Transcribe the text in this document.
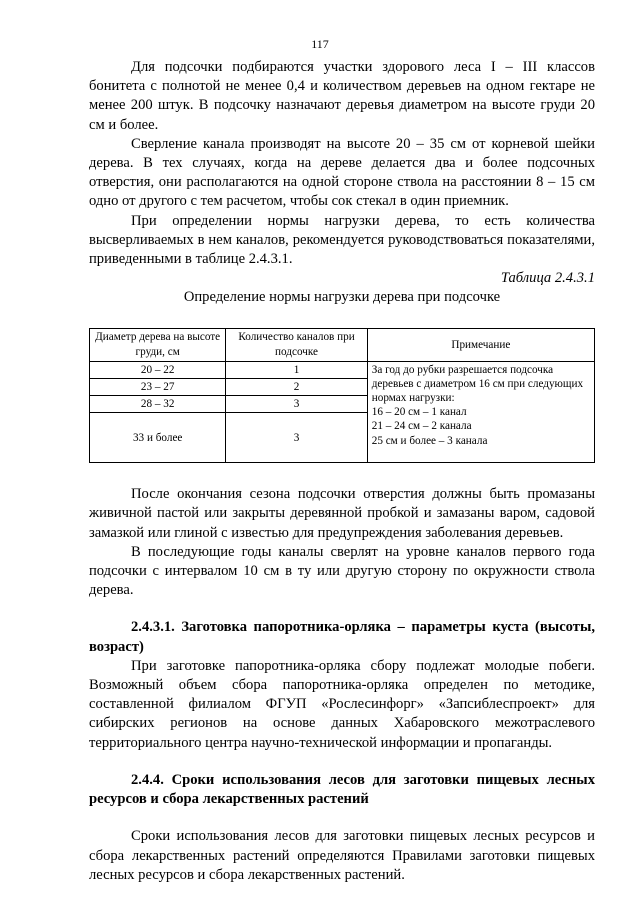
117

Для подсочки подбираются участки здорового леса I – III классов бонитета с полнотой не менее 0,4 и количеством деревьев на одном гектаре не менее 200 штук. В подсочку назначают деревья диаметром на высоте груди 20 см и более.

Сверление канала производят на высоте 20 – 35 см от корневой шейки дерева. В тех случаях, когда на дереве делается два и более подсочных отверстия, они располагаются на одной стороне ствола на расстоянии 8 – 15 см одно от другого с тем расчетом, чтобы сок стекал в один приемник.

При определении нормы нагрузки дерева, то есть количества высверливаемых в нем каналов, рекомендуется руководствоваться показателями, приведенными в таблице 2.4.3.1.

Таблица 2.4.3.1
Определение нормы нагрузки дерева при подсочке
Диаметр дерева на высоте груди, см	Количество каналов при подсочке	Примечание
20 – 22	1	За год до рубки разрешается подсочка деревьев с диаметром 16 см при следующих нормах нагрузки:
16 – 20 см – 1 канал
21 – 24 см – 2 канала
25 см и более – 3 канала

23 – 27	2	
28 – 32	3	
33 и более	3	

После окончания сезона подсочки отверстия должны быть промазаны живичной пастой или закрыты деревянной пробкой и замазаны варом, садовой замазкой или глиной с известью для предупреждения заболевания деревьев.

В последующие годы каналы сверлят на уровне каналов первого года подсочки с интервалом 10 см в ту или другую сторону по окружности ствола дерева.

2.4.3.1. Заготовка папоротника-орляка – параметры куста (высоты, возраст)

При заготовке папоротника-орляка сбору подлежат молодые побеги. Возможный объем сбора папоротника-орляка определен по методике, составленной филиалом ФГУП «Рослесинфорг» «Запсиблеспроект» для сибирских регионов на основе данных Хабаровского межотраслевого территориального центра научно-технической информации и пропаганды.

2.4.4. Сроки использования лесов для заготовки пищевых лесных ресурсов и сбора лекарственных растений

Сроки использования лесов для заготовки пищевых лесных ресурсов и сбора лекарственных растений определяются Правилами заготовки пищевых лесных ресурсов и сбора лекарственных растений.
